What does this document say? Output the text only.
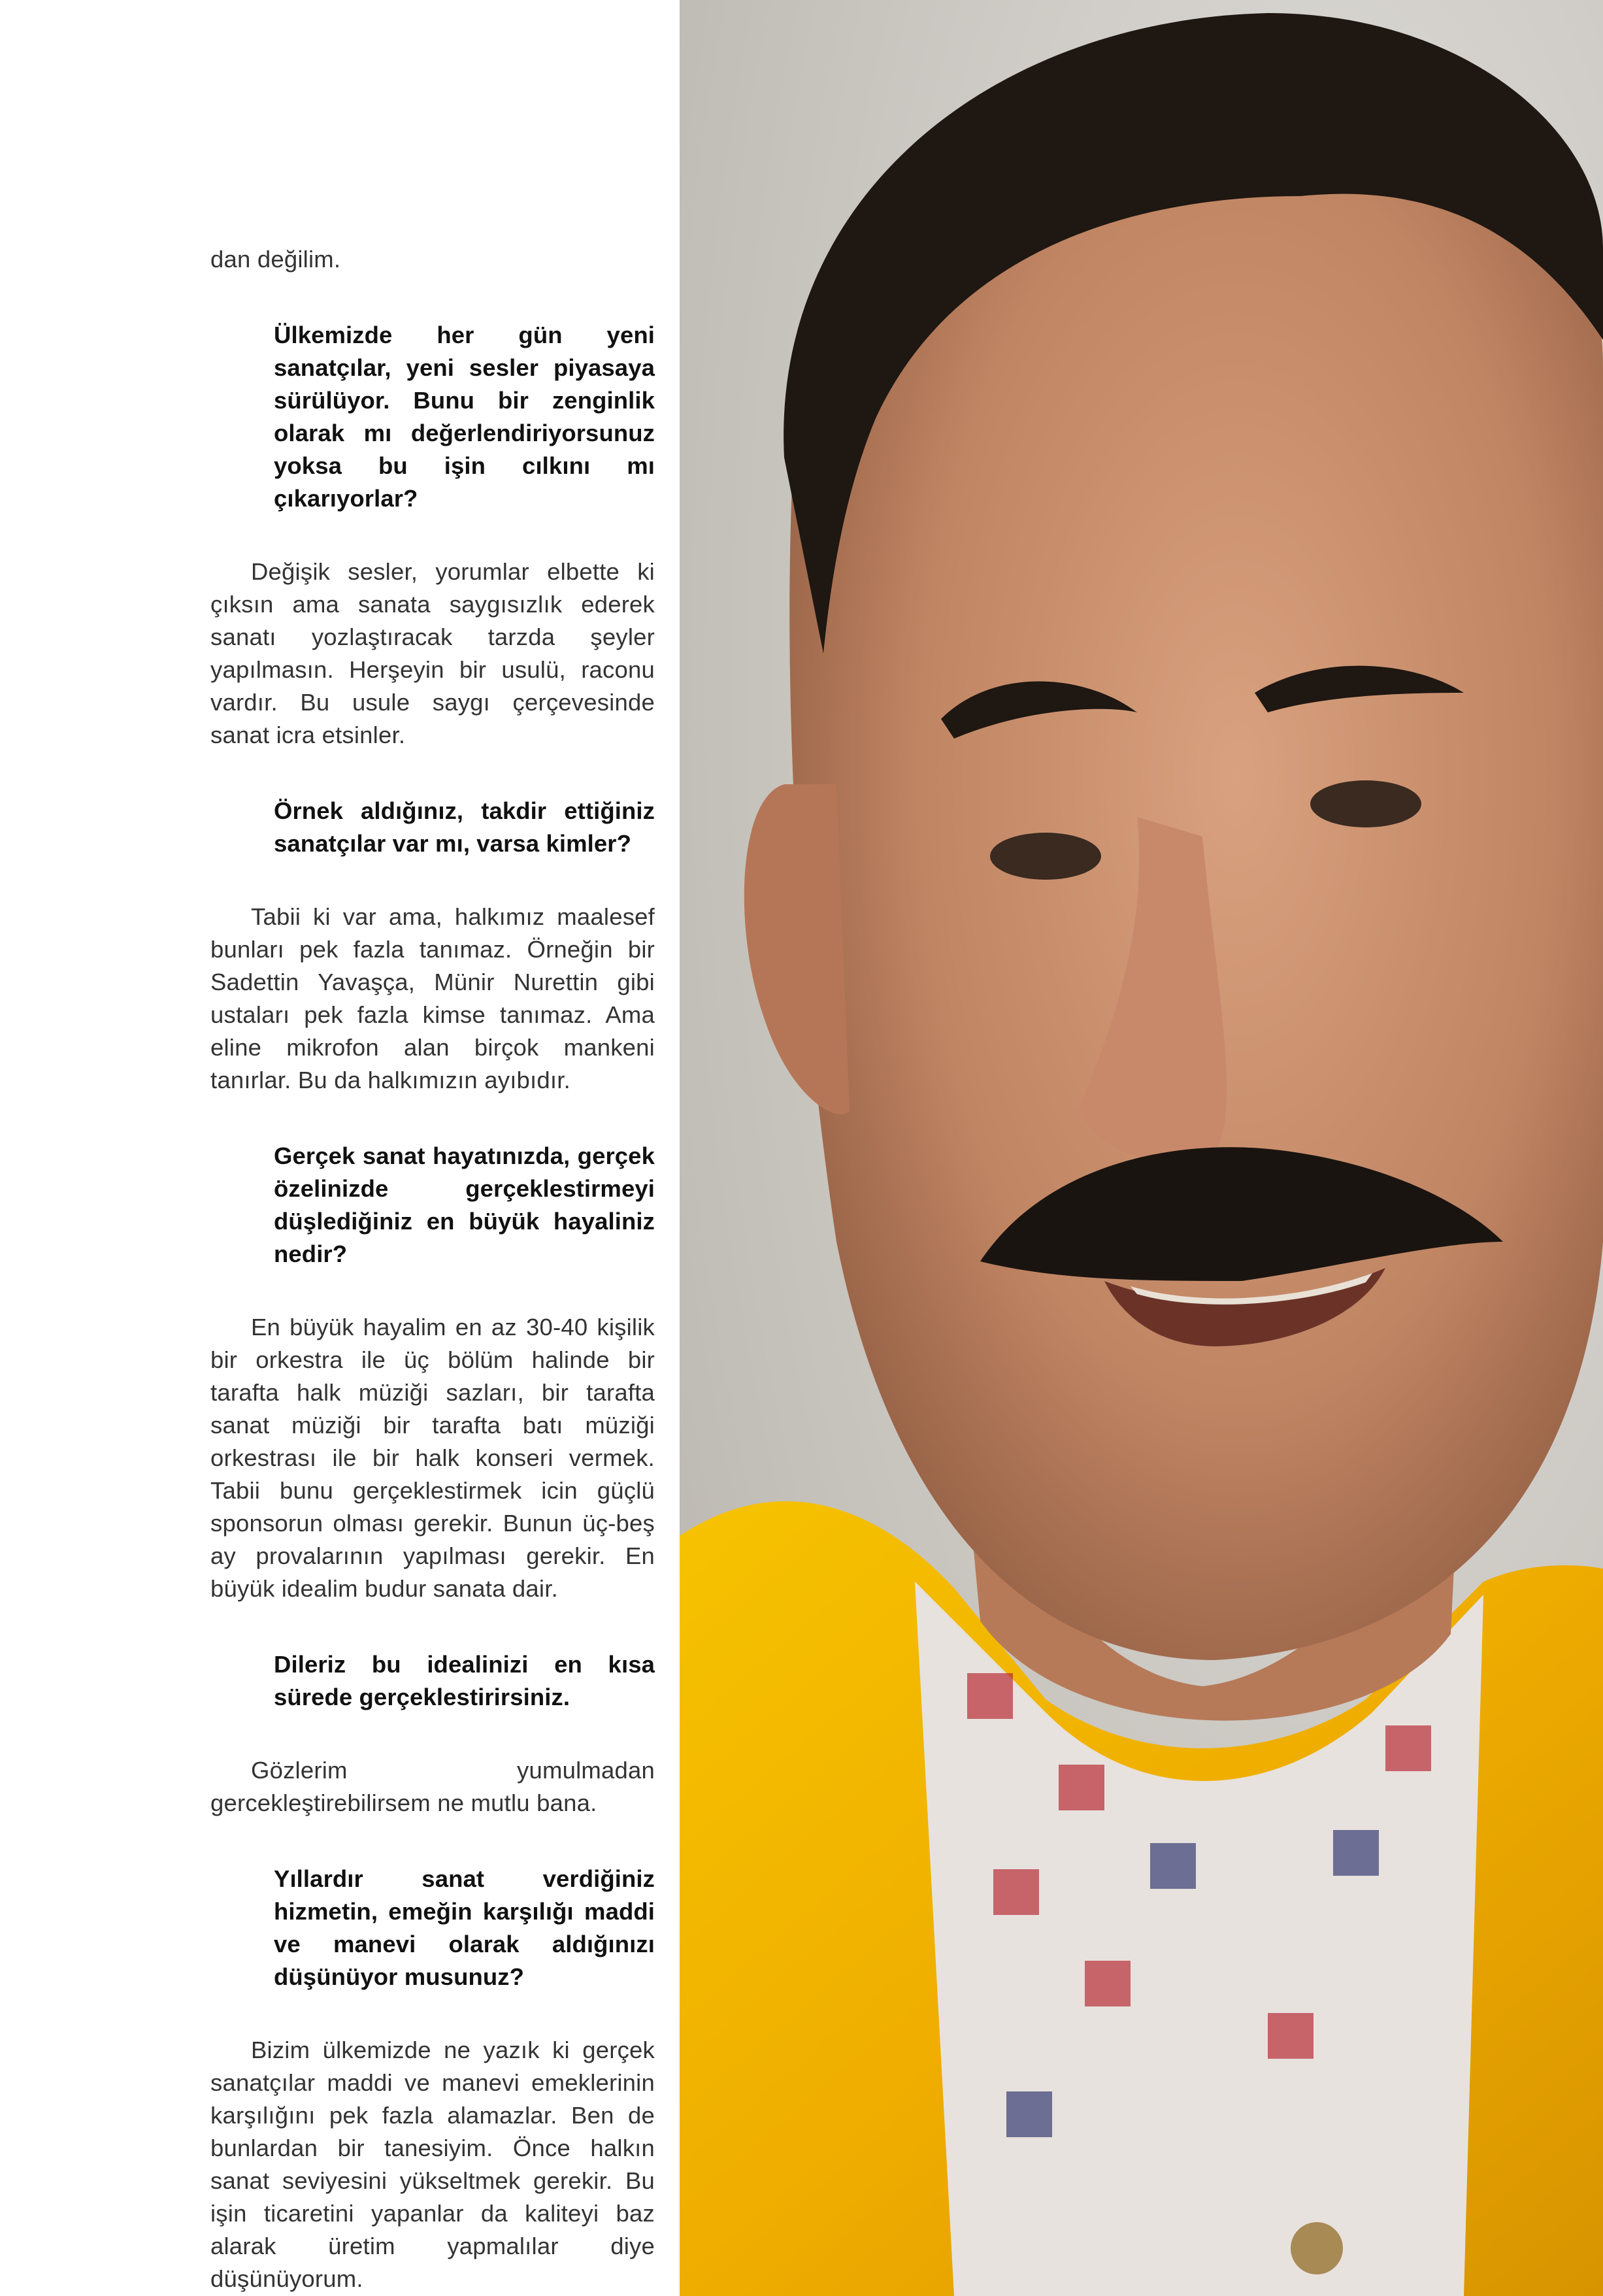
dan değilim.

Ülkemizde her gün yeni sanatçılar, yeni sesler piyasaya sürülüyor. Bunu bir zenginlik olarak mı değerlendiriyorsunuz yoksa bu işin cılkını mı çıkarıyorlar?

Değişik sesler, yorumlar elbette ki çıksın ama sanata saygısızlık ederek sanatı yozlaştıracak tarzda şeyler yapılmasın. Herşeyin bir usulü, raconu vardır. Bu usule saygı çerçevesinde sanat icra etsinler.

Örnek aldığınız, takdir ettiğiniz sanatçılar var mı, varsa kimler?

Tabii ki var ama, halkımız maalesef bunları pek fazla tanımaz. Örneğin bir Sadettin Yavaşça, Münir Nurettin gibi ustaları pek fazla kimse tanımaz. Ama eline mikrofon alan birçok mankeni tanırlar. Bu da halkımızın ayıbıdır.

Gerçek sanat hayatınızda, gerçek özelinizde gerçeklestirmeyi düşlediğiniz en büyük hayaliniz nedir?

En büyük hayalim en az 30-40 kişilik bir orkestra ile üç bölüm halinde bir tarafta halk müziği sazları, bir tarafta sanat müziği bir tarafta batı müziği orkestrası ile bir halk konseri vermek. Tabii bunu gerçeklestirmek icin güçlü sponsorun olması gerekir. Bunun üç-beş ay provalarının yapılması gerekir. En büyük idealim budur sanata dair.

Dileriz bu idealinizi en kısa sürede gerçeklestirirsiniz.

Gözlerim yumulmadan gercekleştirebilirsem ne mutlu bana.

Yıllardır sanat verdiğiniz hizmetin, emeğin karşılığı maddi ve manevi olarak aldığınızı düşünüyor musunuz?

Bizim ülkemizde ne yazık ki gerçek sanatçılar maddi ve manevi emeklerinin karşılığını pek fazla alamazlar. Ben de bunlardan bir tanesiyim. Önce halkın sanat seviyesini yükseltmek gerekir. Bu işin ticaretini yapanlar da kaliteyi baz alarak üretim yapmalılar diye düşünüyorum.
